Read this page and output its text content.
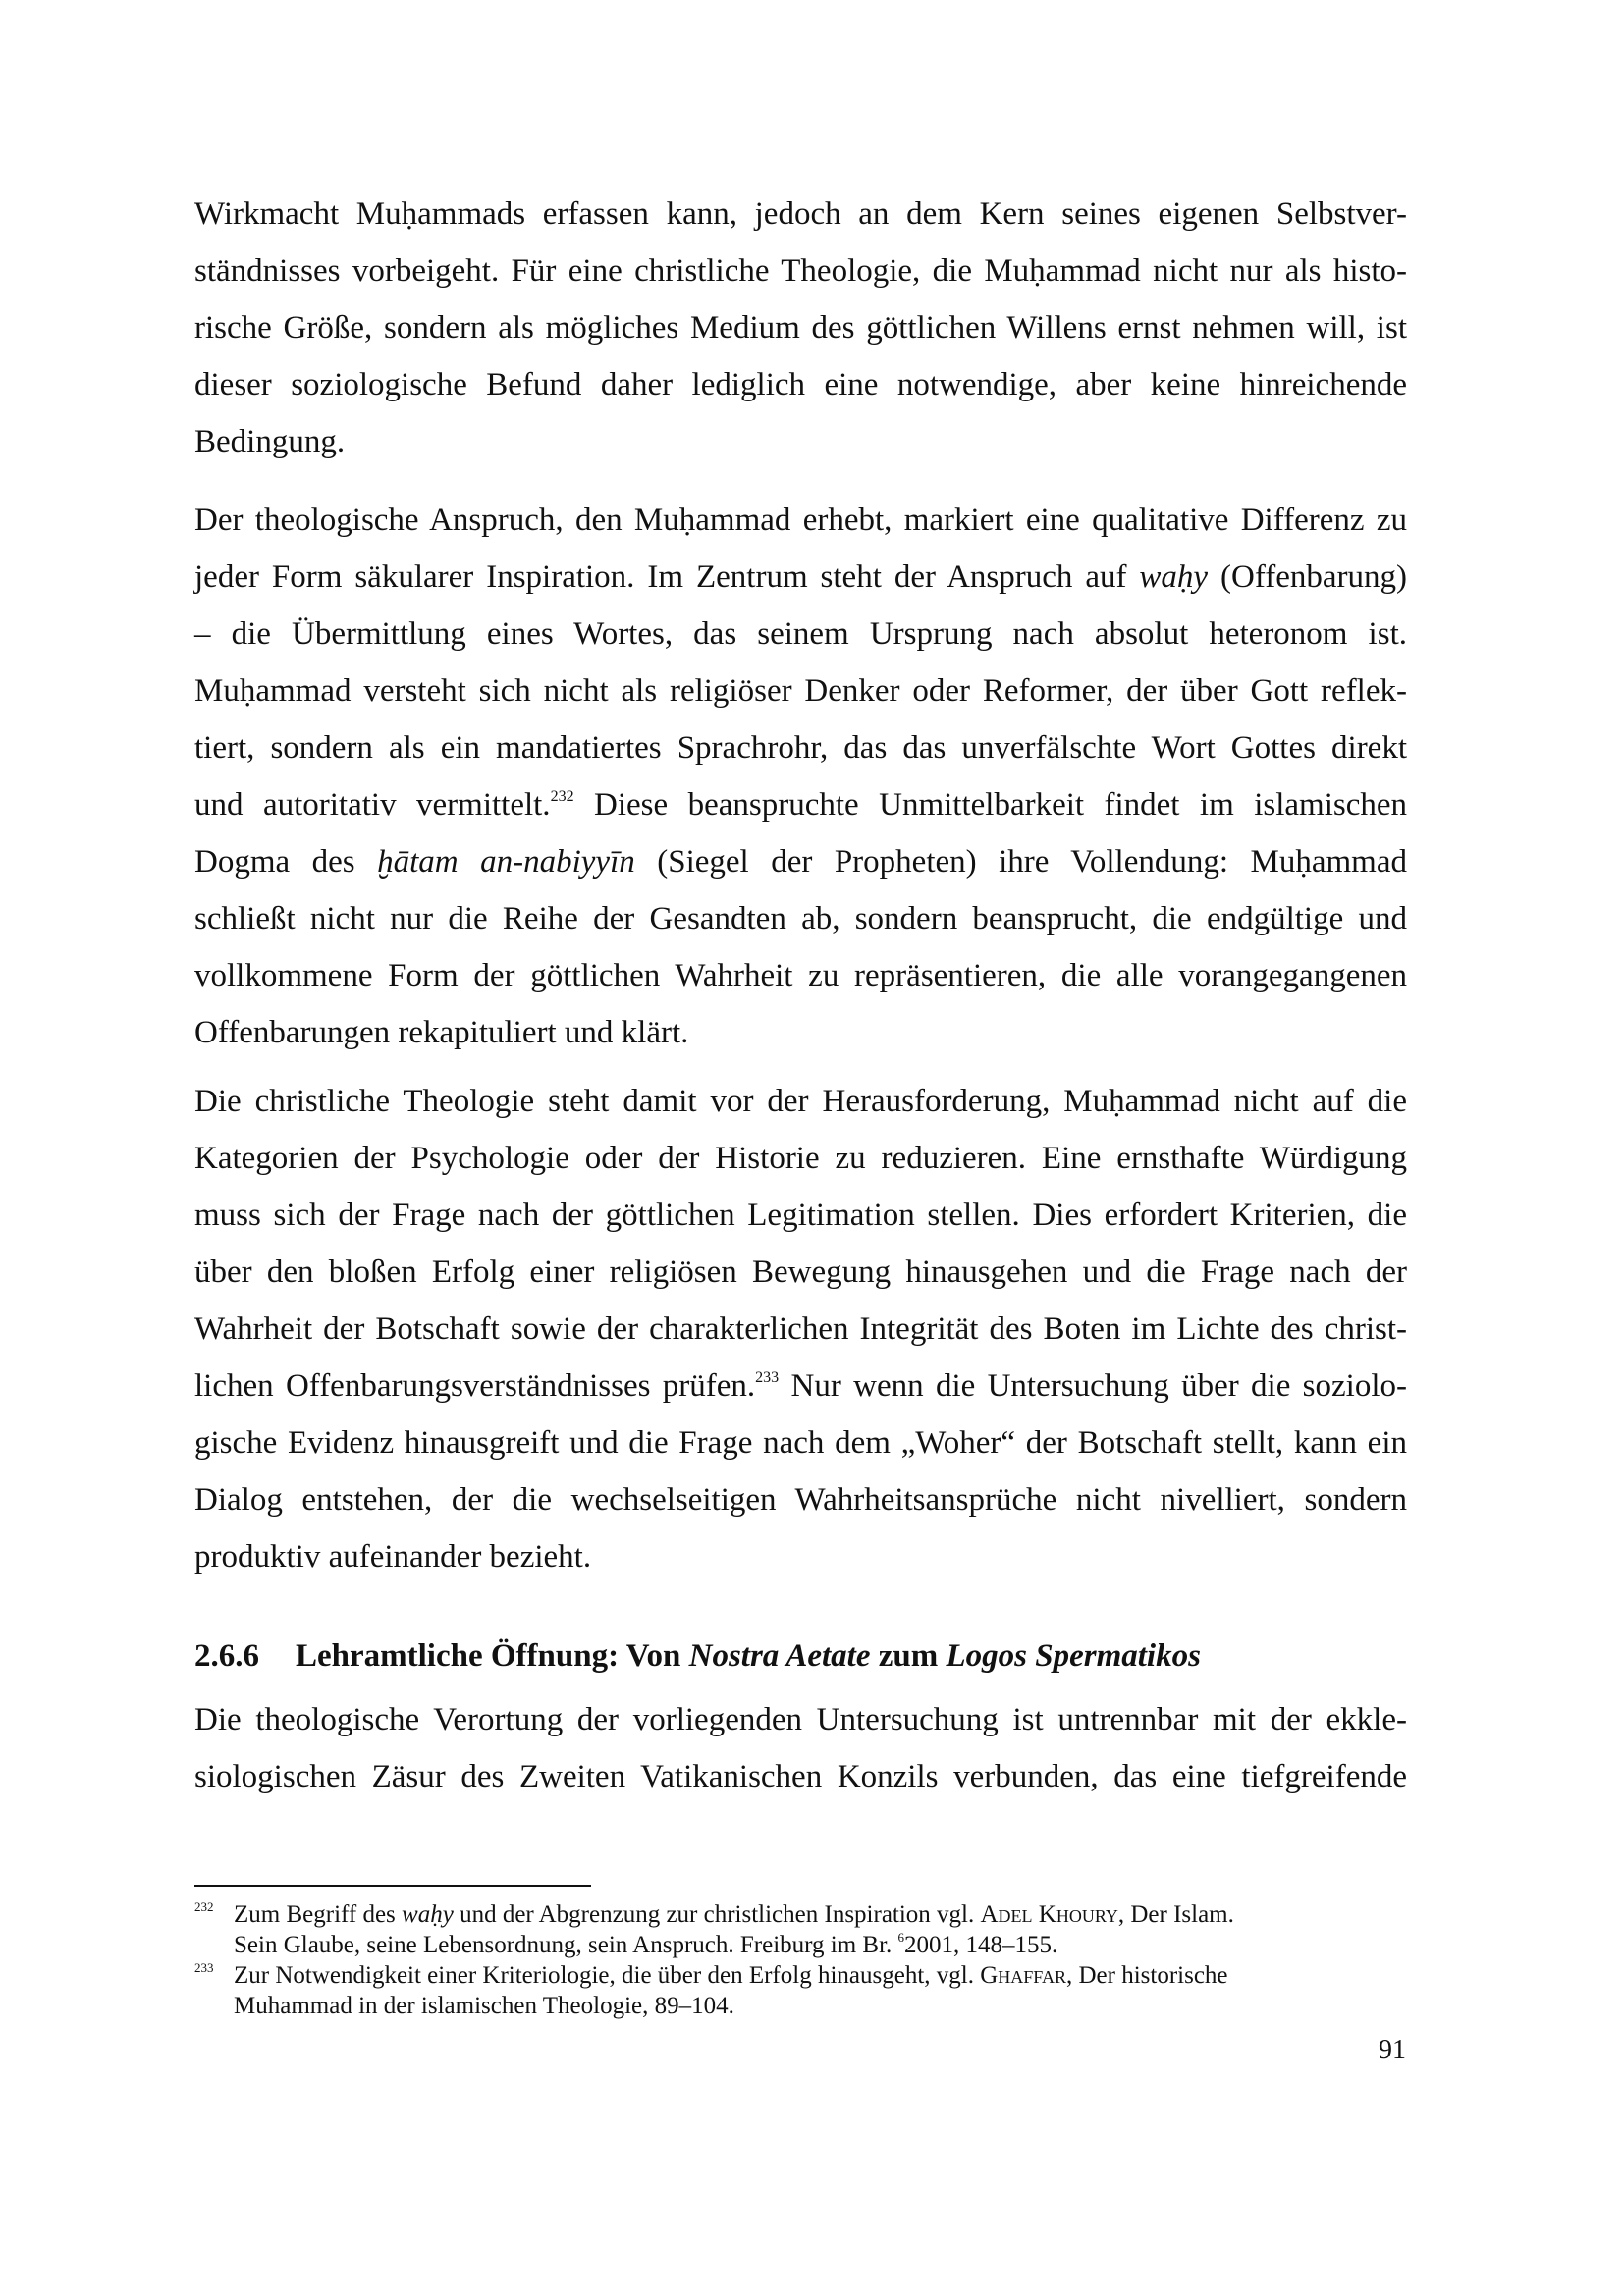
Wirkmacht Muḥammads erfassen kann, jedoch an dem Kern seines eigenen Selbstver-
ständnisses vorbeigeht. Für eine christliche Theologie, die Muḥammad nicht nur als histo-
rische Größe, sondern als mögliches Medium des göttlichen Willens ernst nehmen will, ist
dieser soziologische Befund daher lediglich eine notwendige, aber keine hinreichende
Bedingung.
Der theologische Anspruch, den Muḥammad erhebt, markiert eine qualitative Differenz zu
jeder Form säkularer Inspiration. Im Zentrum steht der Anspruch auf waḥy (Offenbarung)
– die Übermittlung eines Wortes, das seinem Ursprung nach absolut heteronom ist.
Muḥammad versteht sich nicht als religiöser Denker oder Reformer, der über Gott reflek-
tiert, sondern als ein mandatiertes Sprachrohr, das das unverfälschte Wort Gottes direkt
und autoritativ vermittelt.$^{232}$ Diese beanspruchte Unmittelbarkeit findet im islamischen
Dogma des ḫātam an-nabiyyīn (Siegel der Propheten) ihre Vollendung: Muḥammad
schließt nicht nur die Reihe der Gesandten ab, sondern beansprucht, die endgültige und
vollkommene Form der göttlichen Wahrheit zu repräsentieren, die alle vorangegangenen
Offenbarungen rekapituliert und klärt.
Die christliche Theologie steht damit vor der Herausforderung, Muḥammad nicht auf die
Kategorien der Psychologie oder der Historie zu reduzieren. Eine ernsthafte Würdigung
muss sich der Frage nach der göttlichen Legitimation stellen. Dies erfordert Kriterien, die
über den bloßen Erfolg einer religiösen Bewegung hinausgehen und die Frage nach der
Wahrheit der Botschaft sowie der charakterlichen Integrität des Boten im Lichte des christ-
lichen Offenbarungsverständnisses prüfen.$^{233}$ Nur wenn die Untersuchung über die soziolo-
gische Evidenz hinausgreift und die Frage nach dem „Woher“ der Botschaft stellt, kann ein
Dialog entstehen, der die wechselseitigen Wahrheitsansprüche nicht nivelliert, sondern
produktiv aufeinander bezieht.
2.6.6 Lehramtliche Öffnung: Von Nostra Aetate zum Logos Spermatikos
Die theologische Verortung der vorliegenden Untersuchung ist untrennbar mit der ekkle-
siologischen Zäsur des Zweiten Vatikanischen Konzils verbunden, das eine tiefgreifende
$^{232}$ Zum Begriff des waḥy und der Abgrenzung zur christlichen Inspiration vgl. Adel Khoury, Der Islam.
Sein Glaube, seine Lebensordnung, sein Anspruch. Freiburg im Br. $^6$2001, 148–155.
$^{233}$ Zur Notwendigkeit einer Kriteriologie, die über den Erfolg hinausgeht, vgl. Ghaffar, Der historische
Muhammad in der islamischen Theologie, 89–104.
91
